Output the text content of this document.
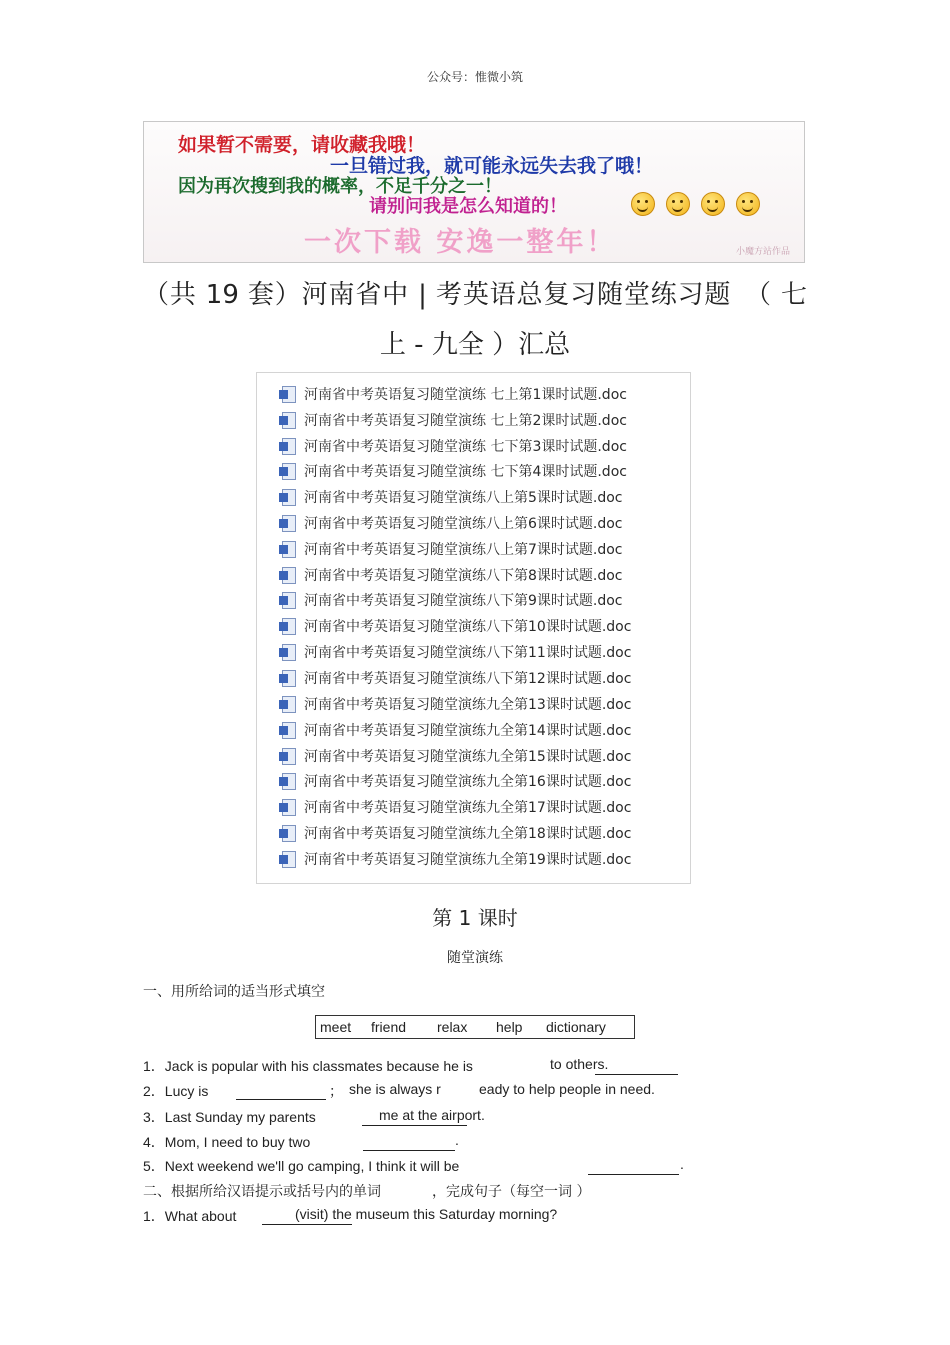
公众号：惟微小筑
如果暂不需要，请收藏我哦！
一旦错过我，就可能永远失去我了哦！
因为再次搜到我的概率，不足千分之一！
请别问我是怎么知道的！
一次下载 安逸一整年！	小魔方站作品
（共 19 套）河南省中 | 考英语总复习随堂练习题　（ 七上 - 九全 ）汇总
河南省中考英语复习随堂演练 七上第1课时试题.doc
河南省中考英语复习随堂演练 七上第2课时试题.doc
河南省中考英语复习随堂演练 七下第3课时试题.doc
河南省中考英语复习随堂演练 七下第4课时试题.doc
河南省中考英语复习随堂演练八上第5课时试题.doc
河南省中考英语复习随堂演练八上第6课时试题.doc
河南省中考英语复习随堂演练八上第7课时试题.doc
河南省中考英语复习随堂演练八下第8课时试题.doc
河南省中考英语复习随堂演练八下第9课时试题.doc
河南省中考英语复习随堂演练八下第10课时试题.doc
河南省中考英语复习随堂演练八下第11课时试题.doc
河南省中考英语复习随堂演练八下第12课时试题.doc
河南省中考英语复习随堂演练九全第13课时试题.doc
河南省中考英语复习随堂演练九全第14课时试题.doc
河南省中考英语复习随堂演练九全第15课时试题.doc
河南省中考英语复习随堂演练九全第16课时试题.doc
河南省中考英语复习随堂演练九全第17课时试题.doc
河南省中考英语复习随堂演练九全第18课时试题.doc
河南省中考英语复习随堂演练九全第19课时试题.doc
第 1 课时
随堂演练
一、用所给词的适当形式填空
meet friend relax help dictionary
1．Jack is popular with his classmates because he is	to others.
2．Lucy is	； she is always r	eady to help people in need.
3．Last Sunday my parents	me at the airport.
4．Mom, I need to buy two	.
5．Next weekend we'll go camping, I think it will be	.
二、根据所给汉语提示或括号内的单词	，完成句子（每空一词 ）
1．What about	(visit) the museum this Saturday morning?
